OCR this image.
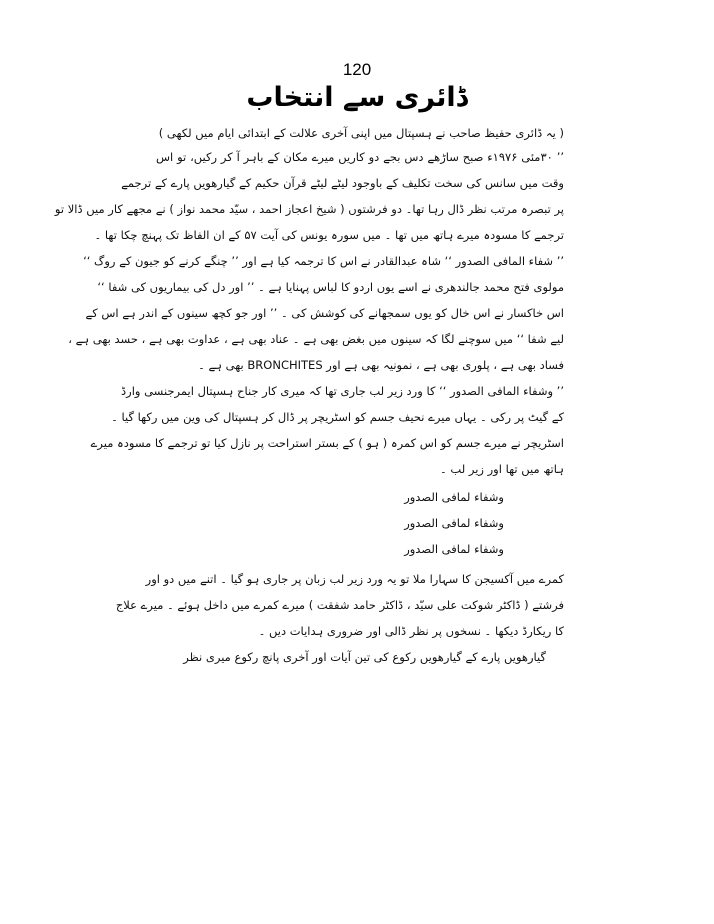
120
ڈائری سے انتخاب
( یہ ڈائری حفیظ صاحب نے ہسپتال میں اپنی آخری علالت کے ابتدائی ایام میں لکھی )
’’ ۳۰مئی ۱۹۷۶ء صبح ساڑھے دس بجے دو کاریں میرے مکان کے باہر آ کر رکیں، تو اس
وقت میں سانس کی سخت تکلیف کے باوجود لیٹے لیٹے قرآن حکیم کے گیارھویں پارے کے ترجمے
پر تبصرہ مرتب نظر ڈال رہا تھا۔ دو فرشتوں ( شیخ اعجاز احمد ، سیّد محمد نواز ) نے مجھے کار میں ڈالا تو
ترجمے کا مسودہ میرے ہاتھ میں تھا ۔ میں سورہ یونس کی آیت ۵۷ کے ان الفاظ تک پہنچ چکا تھا ۔
’’ شفاء المافی الصدور ‘‘ شاہ عبدالقادر نے اس کا ترجمہ کیا ہے اور ’’ چنگے کرنے کو جیون کے روگ ‘‘
مولوی فتح محمد جالندھری نے اسے یوں اردو کا لباس پہنایا ہے ۔ ’’ اور دل کی بیماریوں کی شفا ‘‘
اس خاکسار نے اس خال کو یوں سمجھانے کی کوشش کی ۔ ’’ اور جو کچھ سینوں کے اندر ہے اس کے
لیے شفا ‘‘ میں سوچنے لگا کہ سینوں میں بغض بھی ہے ۔ عناد بھی ہے ، عداوت بھی ہے ، حسد بھی ہے ،
فساد بھی ہے ، پلوری بھی ہے ، نمونیہ بھی ہے اور BRONCHITES بھی ہے ۔
’’ وشفاء المافی الصدور ‘‘ کا ورد زیر لب جاری تھا کہ میری کار جناح ہسپتال ایمرجنسی وارڈ
کے گیٹ پر رکی ۔ یہاں میرے نحیف جسم کو اسٹریچر پر ڈال کر ہسپتال کی وین میں رکھا گیا ۔
اسٹریچر نے میرے جسم کو اس کمرہ ( ہو ) کے بستر استراحت پر نازل کیا تو ترجمے کا مسودہ میرے
ہاتھ میں تھا اور زیر لب ۔
وشفاء لمافی الصدور
وشفاء لمافی الصدور
وشفاء لمافی الصدور
کمرے میں آکسیجن کا سہارا ملا تو یہ ورد زیر لب زبان پر جاری ہو گیا ۔ اتنے میں دو اور
فرشتے ( ڈاکٹر شوکت علی سیّد ، ڈاکٹر حامد شفقت ) میرے کمرے میں داخل ہوئے ۔ میرے علاج
کا ریکارڈ دیکھا ۔ نسخوں پر نظر ڈالی اور ضروری ہدایات دیں ۔
گیارھویں پارے کے گیارھویں رکوع کی تین آیات اور آخری پانچ رکوع میری نظر
